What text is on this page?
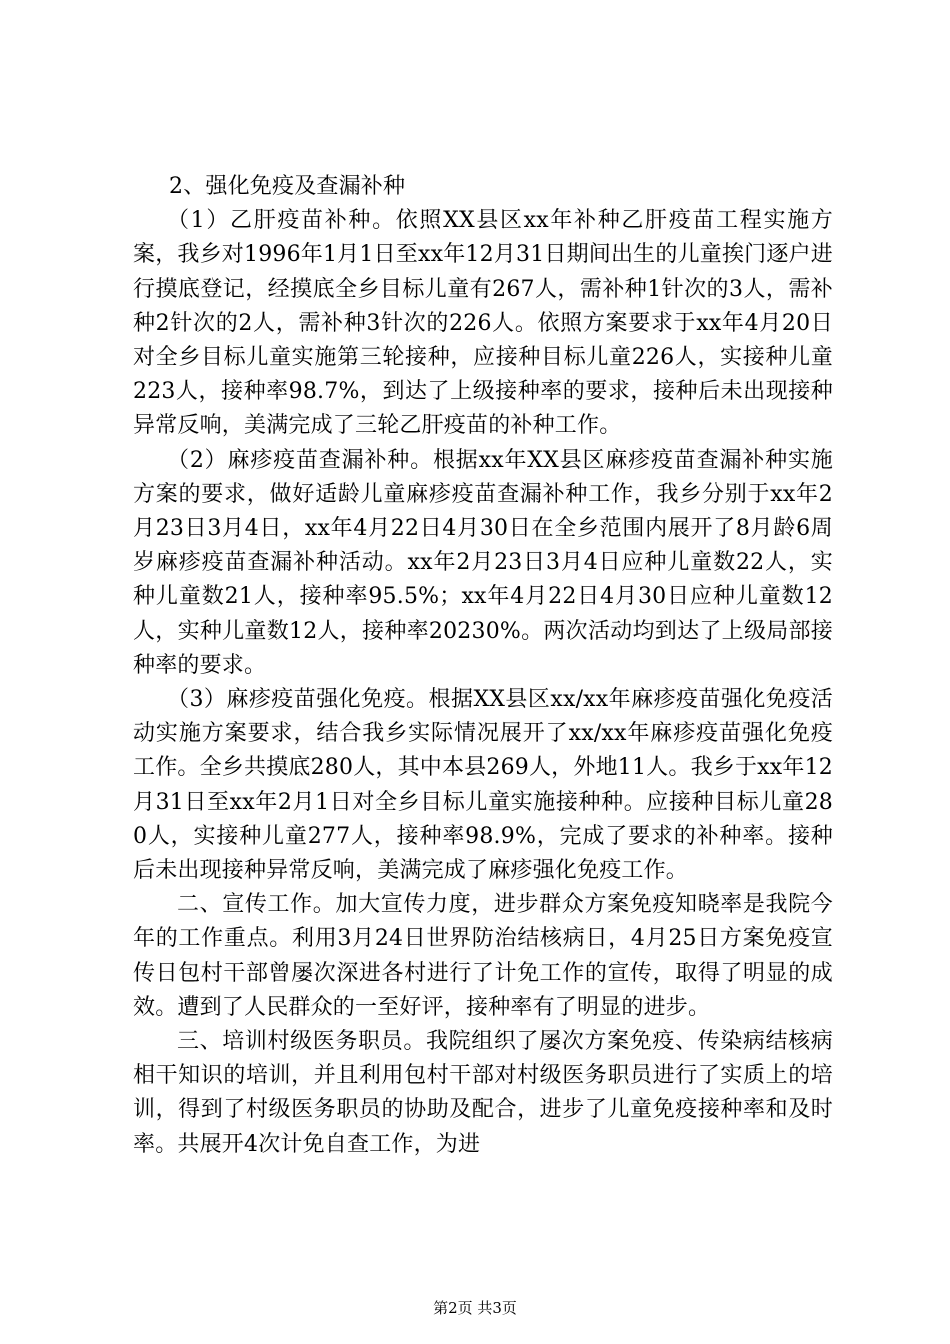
2、强化免疫及查漏补种

（1）乙肝疫苗补种。依照XX县区xx年补种乙肝疫苗工程实施方案，我乡对1996年1月1日至xx年12月31日期间出生的儿童挨门逐户进行摸底登记，经摸底全乡目标儿童有267人，需补种1针次的3人，需补种2针次的2人，需补种3针次的226人。依照方案要求于xx年4月20日对全乡目标儿童实施第三轮接种，应接种目标儿童226人，实接种儿童223人，接种率98.7%，到达了上级接种率的要求，接种后未出现接种异常反响，美满完成了三轮乙肝疫苗的补种工作。

（2）麻疹疫苗查漏补种。根据xx年XX县区麻疹疫苗查漏补种实施方案的要求，做好适龄儿童麻疹疫苗查漏补种工作，我乡分别于xx年2月23日3月4日，xx年4月22日4月30日在全乡范围内展开了8月龄6周岁麻疹疫苗查漏补种活动。xx年2月23日3月4日应种儿童数22人，实种儿童数21人，接种率95.5%；xx年4月22日4月30日应种儿童数12人，实种儿童数12人，接种率20230%。两次活动均到达了上级局部接种率的要求。

（3）麻疹疫苗强化免疫。根据XX县区xx/xx年麻疹疫苗强化免疫活动实施方案要求，结合我乡实际情况展开了xx/xx年麻疹疫苗强化免疫工作。全乡共摸底280人，其中本县269人，外地11人。我乡于xx年12月31日至xx年2月1日对全乡目标儿童实施接种种。应接种目标儿童280人，实接种儿童277人，接种率98.9%，完成了要求的补种率。接种后未出现接种异常反响，美满完成了麻疹强化免疫工作。

二、宣传工作。加大宣传力度，进步群众方案免疫知晓率是我院今年的工作重点。利用3月24日世界防治结核病日，4月25日方案免疫宣传日包村干部曾屡次深进各村进行了计免工作的宣传，取得了明显的成效。遭到了人民群众的一至好评，接种率有了明显的进步。

三、培训村级医务职员。我院组织了屡次方案免疫、传染病结核病相干知识的培训，并且利用包村干部对村级医务职员进行了实质上的培训，得到了村级医务职员的协助及配合，进步了儿童免疫接种率和及时率。共展开4次计免自查工作，为进

第2页 共3页
